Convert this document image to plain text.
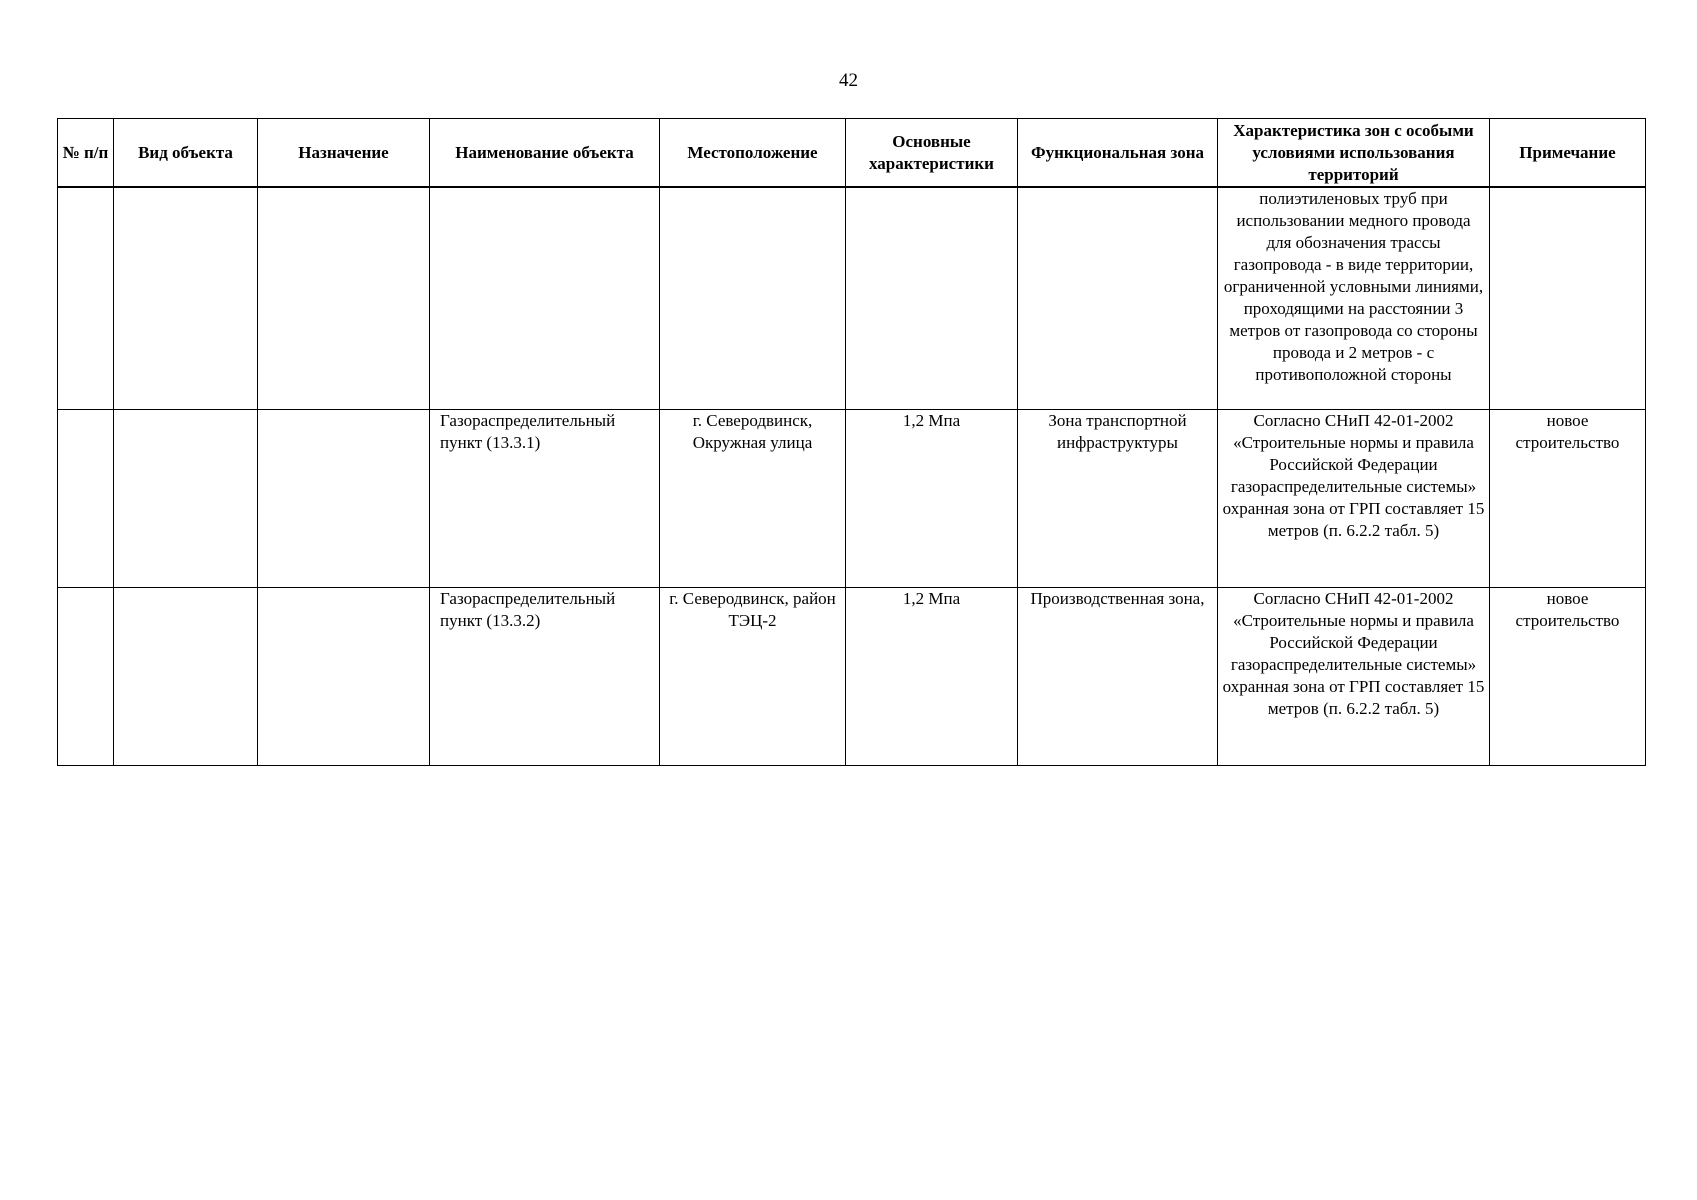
42
№ п/п	Вид объекта	Назначение	Наименование объекта	Местоположение	Основные характеристики	Функциональная зона	Характеристика зон с особыми условиями использования территорий	Примечание
							полиэтиленовых труб при использовании медного провода для обозначения трассы газопровода - в виде территории, ограниченной условными линиями, проходящими на расстоянии 3 метров от газопровода со стороны провода и 2 метров - с противоположной стороны	
			Газораспределительный пункт (13.3.1)	г. Северодвинск, Окружная улица	1,2 Мпа	Зона транспортной инфраструктуры	Согласно СНиП 42-01-2002 «Строительные нормы и правила Российской Федерации газораспределительные системы» охранная зона от ГРП составляет 15 метров (п. 6.2.2 табл. 5)	новое строительство
			Газораспределительный пункт (13.3.2)	г. Северодвинск, район ТЭЦ-2	1,2 Мпа	Производственная зона,	Согласно СНиП 42-01-2002 «Строительные нормы и правила Российской Федерации газораспределительные системы» охранная зона от ГРП составляет 15 метров (п. 6.2.2 табл. 5)	новое строительство
